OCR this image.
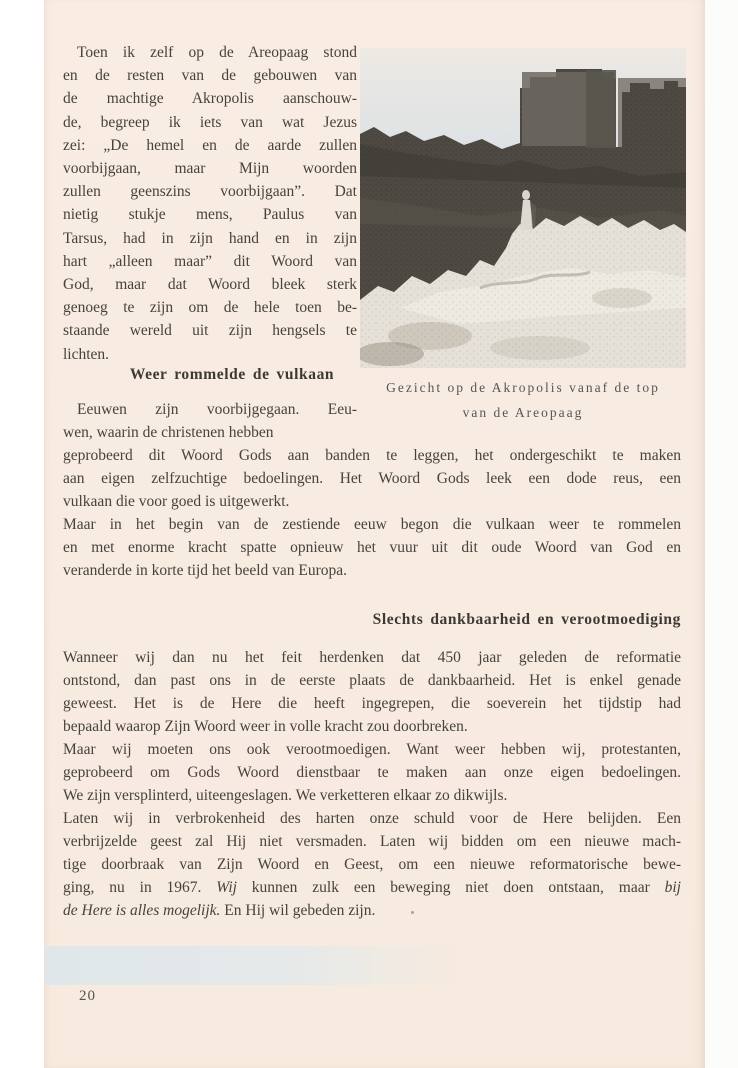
Toen ik zelf op de Areopaag stond
en de resten van de gebouwen van
de machtige Akropolis aanschouw-
de, begreep ik iets van wat Jezus
zei: „De hemel en de aarde zullen
voorbijgaan, maar Mijn woorden
zullen geenszins voorbijgaan”. Dat
nietig stukje mens, Paulus van
Tarsus, had in zijn hand en in zijn
hart „alleen maar” dit Woord van
God, maar dat Woord bleek sterk
genoeg te zijn om de hele toen be-
staande wereld uit zijn hengsels te
lichten.
Gezicht op de Akropolis vanaf de top
van de Areopaag
Weer rommelde de vulkaan
Eeuwen zijn voorbijgegaan. Eeu-
wen, waarin de christenen hebben
geprobeerd dit Woord Gods aan banden te leggen, het ondergeschikt te maken
aan eigen zelfzuchtige bedoelingen. Het Woord Gods leek een dode reus, een
vulkaan die voor goed is uitgewerkt.
Maar in het begin van de zestiende eeuw begon die vulkaan weer te rommelen
en met enorme kracht spatte opnieuw het vuur uit dit oude Woord van God en
veranderde in korte tijd het beeld van Europa.
Slechts dankbaarheid en verootmoediging
Wanneer wij dan nu het feit herdenken dat 450 jaar geleden de reformatie
ontstond, dan past ons in de eerste plaats de dankbaarheid. Het is enkel genade
geweest. Het is de Here die heeft ingegrepen, die soeverein het tijdstip had
bepaald waarop Zijn Woord weer in volle kracht zou doorbreken.
Maar wij moeten ons ook verootmoedigen. Want weer hebben wij, protestanten,
geprobeerd om Gods Woord dienstbaar te maken aan onze eigen bedoelingen.
We zijn versplinterd, uiteengeslagen. We verketteren elkaar zo dikwijls.
Laten wij in verbrokenheid des harten onze schuld voor de Here belijden. Een
verbrijzelde geest zal Hij niet versmaden. Laten wij bidden om een nieuwe mach-
tige doorbraak van Zijn Woord en Geest, om een nieuwe reformatorische bewe-
ging, nu in 1967. Wij kunnen zulk een beweging niet doen ontstaan, maar bij
de Here is alles mogelijk. En Hij wil gebeden zijn.
20
